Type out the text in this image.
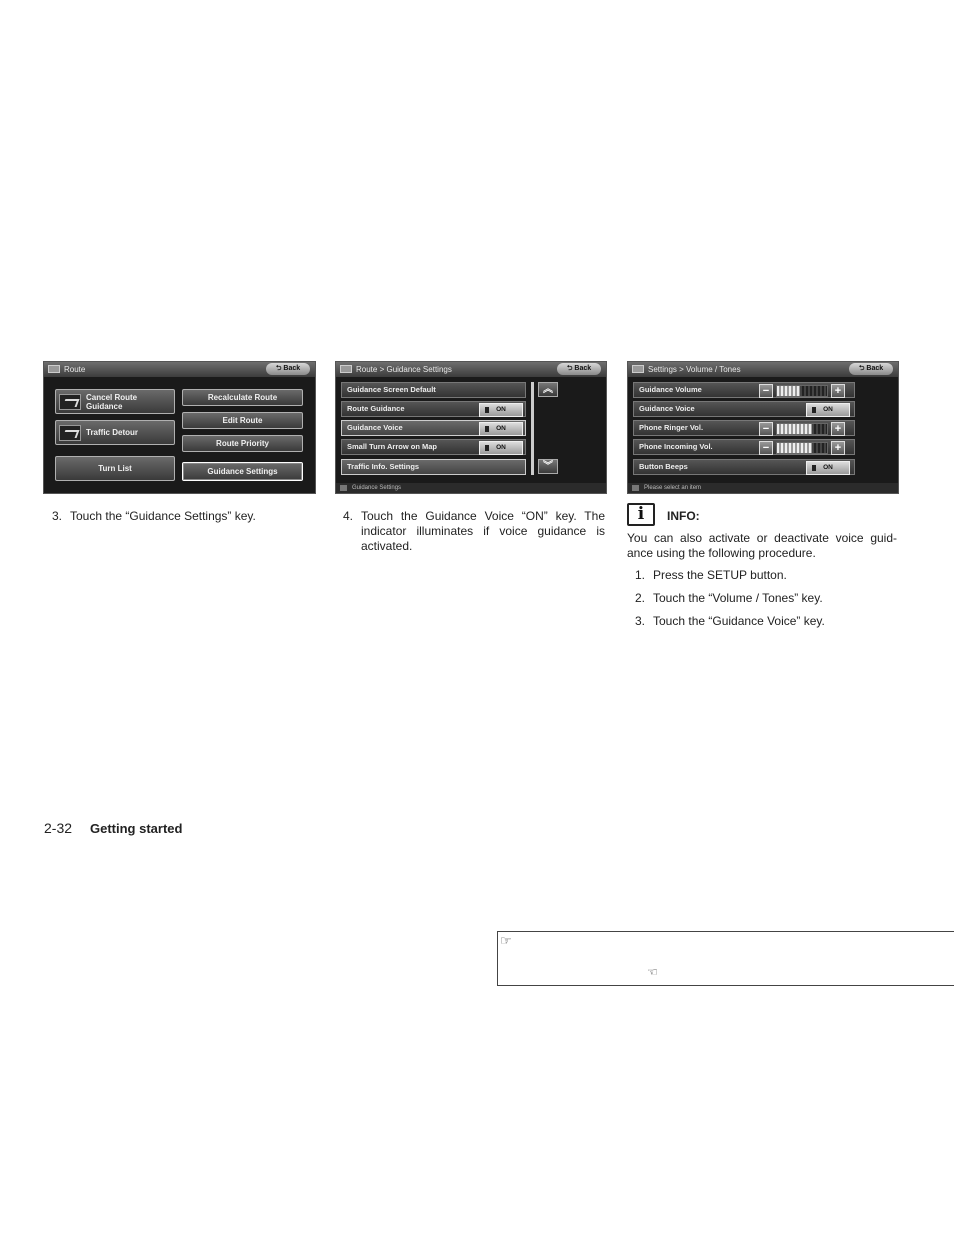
Route	⮌ Back
Cancel Route Guidance
Recalculate Route
Traffic Detour
Edit Route
Route Priority
Turn List	Guidance Settings
Route > Guidance Settings	⮌ Back
Guidance Screen Default
Route Guidance	ON
Guidance Voice	ON
Small Turn Arrow on Map	ON
Traffic Info. Settings
︽
︾
Guidance Settings
Settings > Volume / Tones	⮌ Back
Guidance Volume	−	+
Guidance Voice	ON
Phone Ringer Vol.	−	+
Phone Incoming Vol.	−	+
Button Beeps	ON
Please select an item
3. Touch the “Guidance Settings” key.	4. Touch the Guidance Voice “ON” key. The indicator illuminates if voice guidance is activated.
i	INFO:
You can also activate or deactivate voice guid-ance using the following procedure.
1. Press the SETUP button.
2. Touch the “Volume / Tones” key.
3. Touch the “Guidance Voice” key.
2-32 Getting started
☞
☜
